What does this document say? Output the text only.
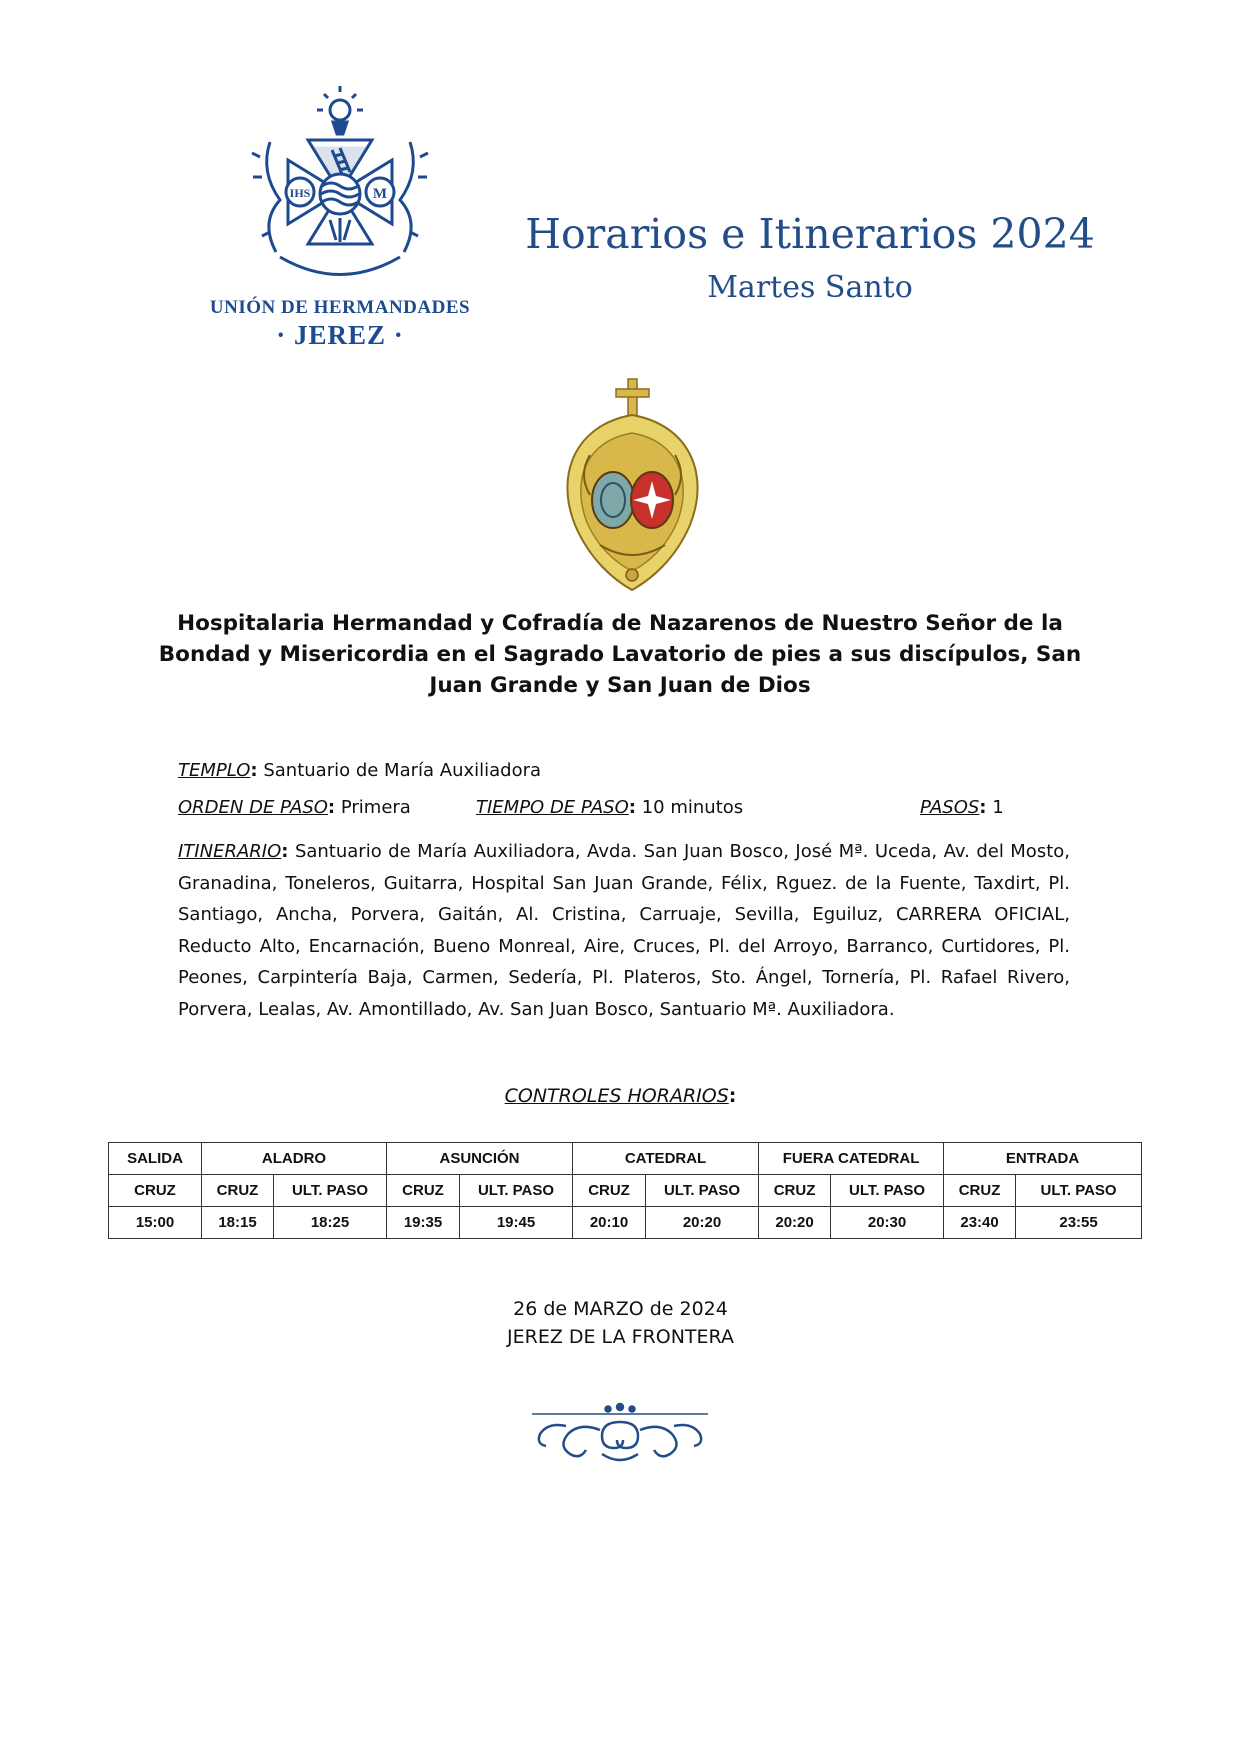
IHS	M
UNIÓN DE HERMANDADES
· JEREZ ·
Horarios e Itinerarios 2024
Martes Santo
Hospitalaria Hermandad y Cofradía de Nazarenos de Nuestro Señor de la Bondad y Misericordia en el Sagrado Lavatorio de pies a sus discípulos, San Juan Grande y San Juan de Dios
TEMPLO: Santuario de María Auxiliadora
ORDEN DE PASO: Primera	TIEMPO DE PASO: 10 minutos	PASOS: 1
ITINERARIO: Santuario de María Auxiliadora, Avda. San Juan Bosco, José Mª. Uceda, Av. del Mosto, Granadina, Toneleros, Guitarra, Hospital San Juan Grande, Félix, Rguez. de la Fuente, Taxdirt, Pl. Santiago, Ancha, Porvera, Gaitán, Al. Cristina, Carruaje, Sevilla, Eguiluz, CARRERA OFICIAL, Reducto Alto, Encarnación, Bueno Monreal, Aire, Cruces, Pl. del Arroyo, Barranco, Curtidores, Pl. Peones, Carpintería Baja, Carmen, Sedería, Pl. Plateros, Sto. Ángel, Tornería, Pl. Rafael Rivero, Porvera, Lealas, Av. Amontillado, Av. San Juan Bosco, Santuario Mª. Auxiliadora.
CONTROLES HORARIOS:
SALIDA	ALADRO		ASUNCIÓN		CATEDRAL		FUERA CATEDRAL		ENTRADA	
CRUZ	CRUZ	ULT. PASO	CRUZ	ULT. PASO	CRUZ	ULT. PASO	CRUZ	ULT. PASO	CRUZ	ULT. PASO
15:00	18:15	18:25	19:35	19:45	20:10	20:20	20:20	20:30	23:40	23:55
26 de MARZO de 2024
JEREZ DE LA FRONTERA
